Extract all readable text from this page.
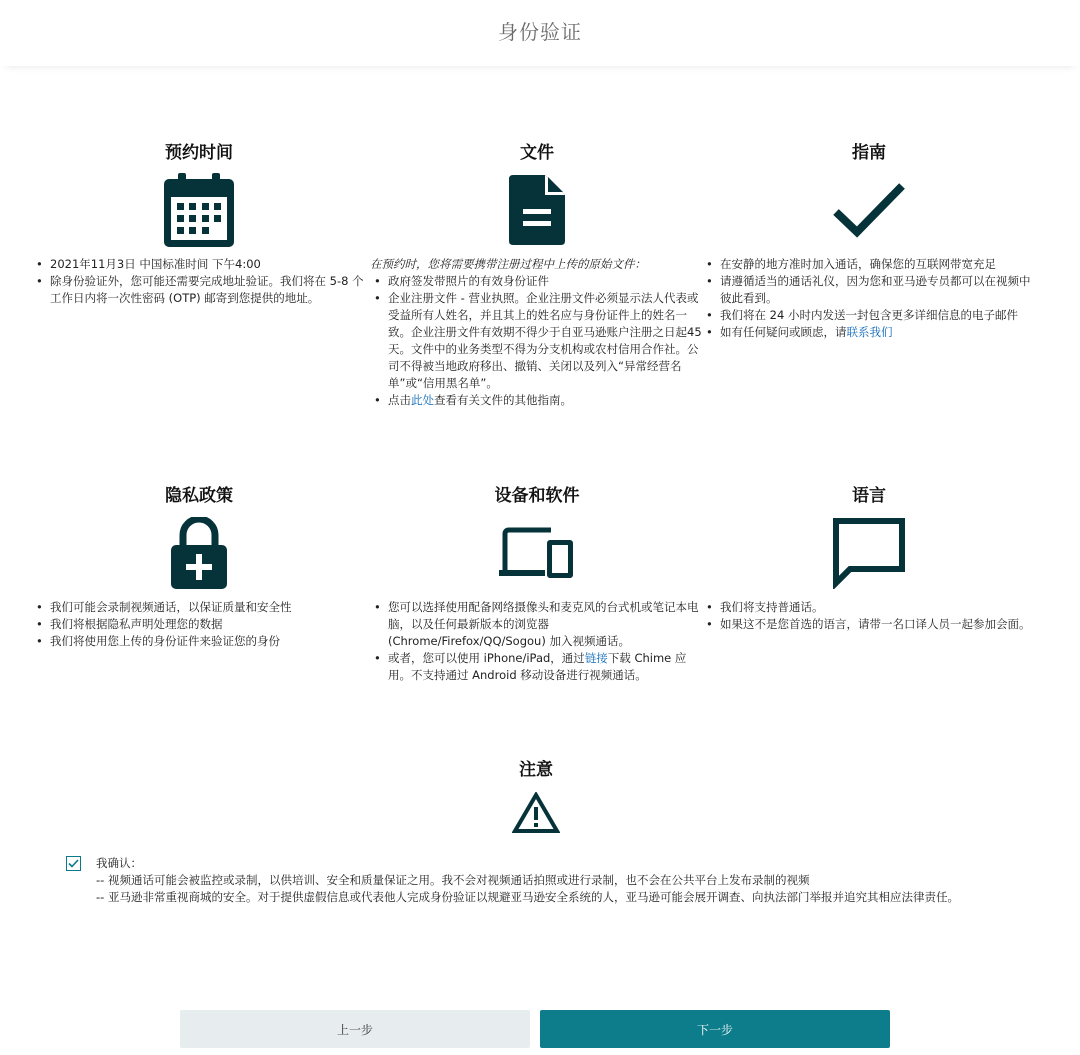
身份验证
预约时间
• 2021年11月3日 中国标准时间 下午4:00
• 除身份验证外，您可能还需要完成地址验证。我们将在 5-8 个工作日内将一次性密码 (OTP) 邮寄到您提供的地址。
文件
在预约时，您将需要携带注册过程中上传的原始文件：
• 政府签发带照片的有效身份证件
• 企业注册文件 - 营业执照。企业注册文件必须显示法人代表或受益所有人姓名，并且其上的姓名应与身份证件上的姓名一致。企业注册文件有效期不得少于自亚马逊账户注册之日起45天。文件中的业务类型不得为分支机构或农村信用合作社。公司不得被当地政府移出、撤销、关闭以及列入“异常经营名单”或“信用黑名单”。
• 点击此处查看有关文件的其他指南。
指南
• 在安静的地方准时加入通话，确保您的互联网带宽充足
• 请遵循适当的通话礼仪，因为您和亚马逊专员都可以在视频中彼此看到。
• 我们将在 24 小时内发送一封包含更多详细信息的电子邮件
• 如有任何疑问或顾虑，请联系我们
隐私政策
• 我们可能会录制视频通话，以保证质量和安全性
• 我们将根据隐私声明处理您的数据
• 我们将使用您上传的身份证件来验证您的身份
设备和软件
• 您可以选择使用配备网络摄像头和麦克风的台式机或笔记本电脑，以及任何最新版本的浏览器 (Chrome/Firefox/QQ/Sogou) 加入视频通话。
• 或者，您可以使用 iPhone/iPad，通过链接下载 Chime 应用。不支持通过 Android 移动设备进行视频通话。
语言
• 我们将支持普通话。
• 如果这不是您首选的语言，请带一名口译人员一起参加会面。
注意
我确认：
-- 视频通话可能会被监控或录制，以供培训、安全和质量保证之用。我不会对视频通话拍照或进行录制，也不会在公共平台上发布录制的视频
-- 亚马逊非常重视商城的安全。对于提供虚假信息或代表他人完成身份验证以规避亚马逊安全系统的人，亚马逊可能会展开调查、向执法部门举报并追究其相应法律责任。
上一步	下一步
